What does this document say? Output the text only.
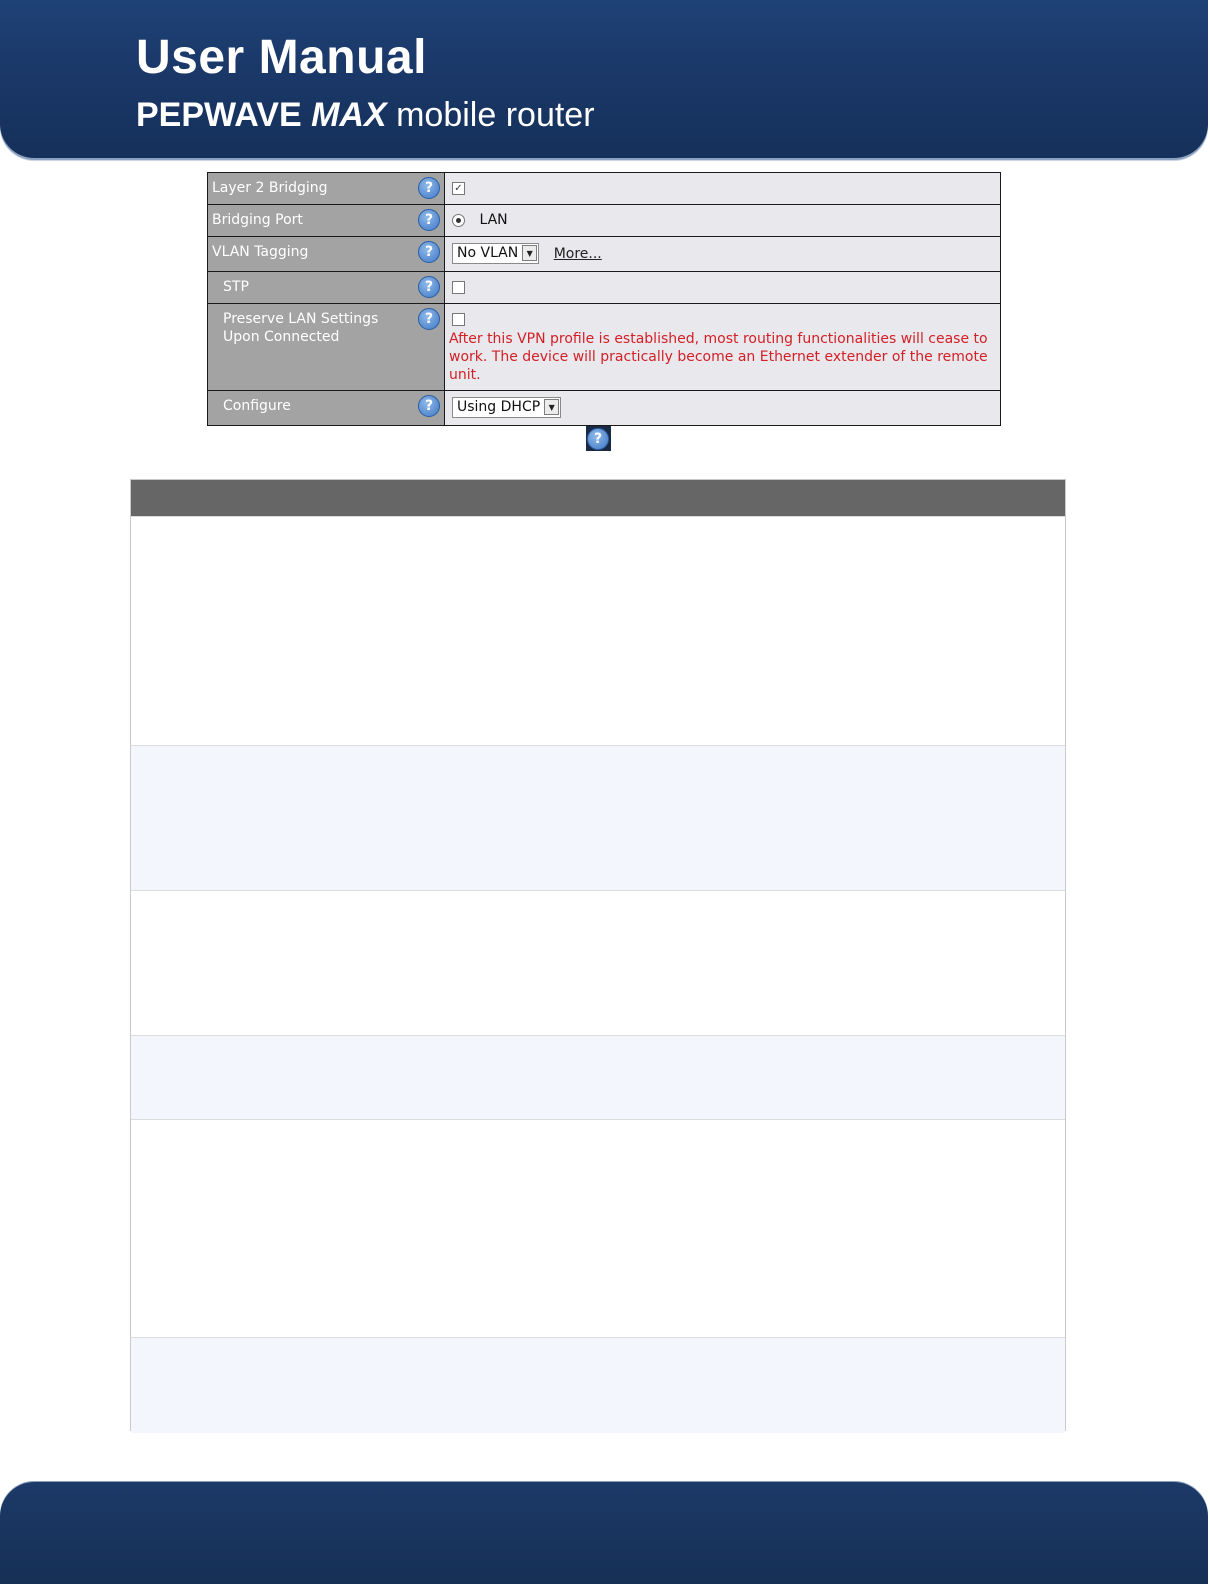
User Manual
PEPWAVE MAX mobile router
Layer 2 Bridging ?	✓

Bridging Port ?	LAN

VLAN Tagging ?	No VLAN ▼ More...

STP ?	

Preserve LAN Settings
Upon Connected
?	After this VPN profile is established, most routing functionalities will cease to work. The device will practically become an Ethernet extender of the remote unit.

Configure ?	Using DHCP ▼
?
